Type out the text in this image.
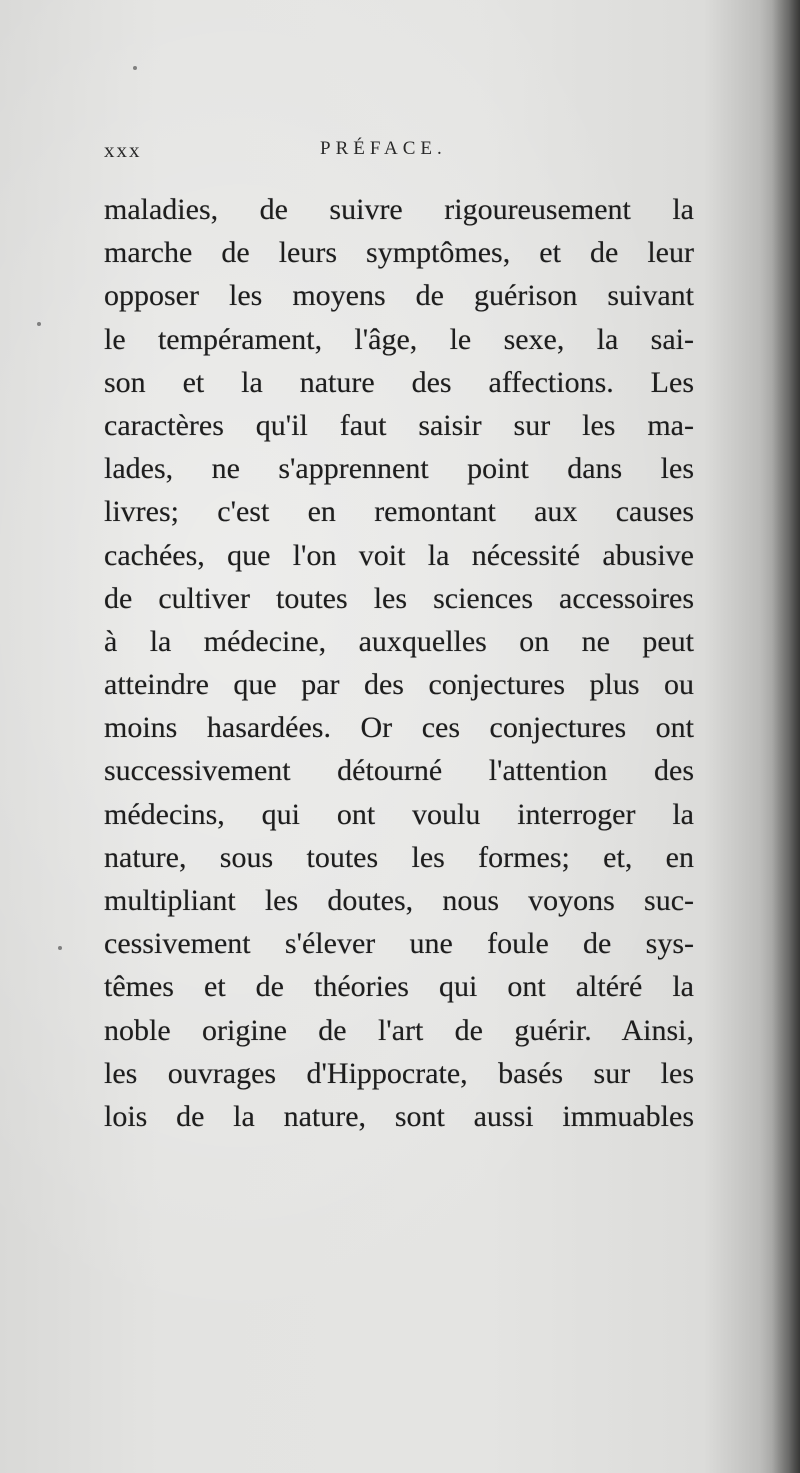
xxx	PRÉFACE.
maladies, de suivre rigoureusement la
marche de leurs symptômes, et de leur
opposer les moyens de guérison suivant
le tempérament, l'âge, le sexe, la sai-
son et la nature des affections. Les
caractères qu'il faut saisir sur les ma-
lades, ne s'apprennent point dans les
livres; c'est en remontant aux causes
cachées, que l'on voit la nécessité abusive
de cultiver toutes les sciences accessoires
à la médecine, auxquelles on ne peut
atteindre que par des conjectures plus ou
moins hasardées. Or ces conjectures ont
successivement détourné l'attention des
médecins, qui ont voulu interroger la
nature, sous toutes les formes; et, en
multipliant les doutes, nous voyons suc-
cessivement s'élever une foule de sys-
têmes et de théories qui ont altéré la
noble origine de l'art de guérir. Ainsi,
les ouvrages d'Hippocrate, basés sur les
lois de la nature, sont aussi immuables
